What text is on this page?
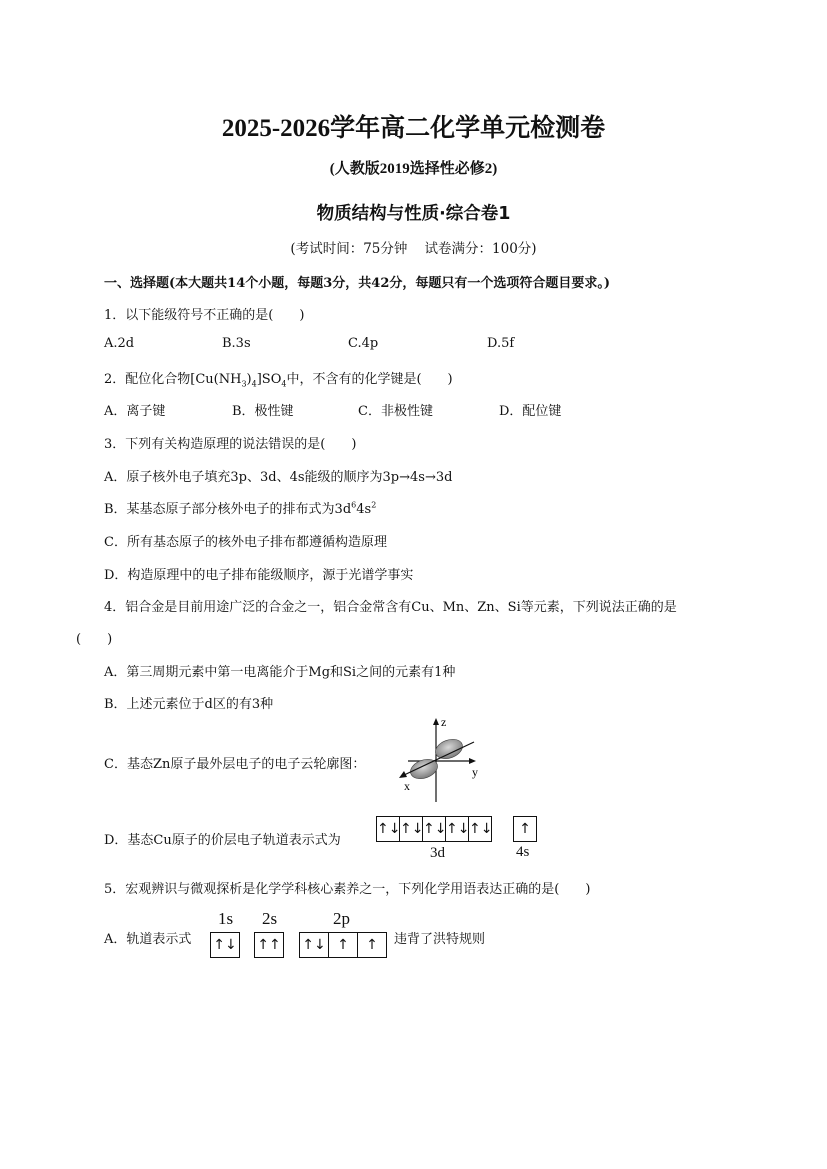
2025-2026学年高二化学单元检测卷
(人教版2019选择性必修2)
物质结构与性质·综合卷1
(考试时间：75分钟    试卷满分：100分)
一、选择题(本大题共14个小题，每题3分，共42分，每题只有一个选项符合题目要求。)
1．以下能级符号不正确的是(　　)
A.2d	B.3s	C.4p	D.5f
2．配位化合物$[Cu(NH_3)_4]SO_4$中，不含有的化学键是(　　)
A．离子键	B．极性键	C．非极性键	D．配位键
3．下列有关构造原理的说法错误的是(　　)
A．原子核外电子填充3p、3d、4s能级的顺序为3p→4s→3d
B．某基态原子部分核外电子的排布式为$3d^64s^2$
C．所有基态原子的核外电子排布都遵循构造原理
D．构造原理中的电子排布能级顺序，源于光谱学事实
4．铝合金是目前用途广泛的合金之一，铝合金常含有Cu、Mn、Zn、Si等元素，下列说法正确的是
(　　)
A．第三周期元素中第一电离能介于Mg和Si之间的元素有1种
B．上述元素位于d区的有3种
C．基态Zn原子最外层电子的电子云轮廓图：
z
y
x
D．基态Cu原子的价层电子轨道表示式为
↑↓↑↓↑↓↑↓↑↓	↑
3d	4s
5．宏观辨识与微观探析是化学学科核心素养之一，下列化学用语表达正确的是(　　)
A．轨道表示式
1s 2s	2p
↑↓ ↑↑ ↑↓ ↑ ↑	违背了洪特规则
